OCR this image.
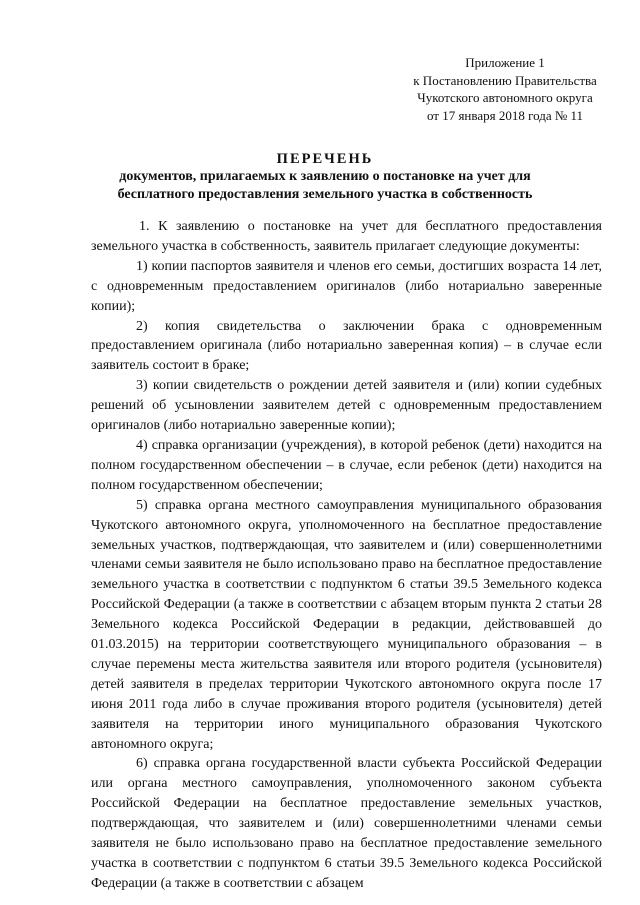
Приложение 1
к Постановлению Правительства
Чукотского автономного округа
от 17 января 2018 года № 11
ПЕРЕЧЕНЬ
документов, прилагаемых к заявлению о постановке на учет для
бесплатного предоставления земельного участка в собственность

1. К заявлению о постановке на учет для бесплатного предоставления земельного участка в собственность, заявитель прилагает следующие документы:

1) копии паспортов заявителя и членов его семьи, достигших возраста 14 лет, с одновременным предоставлением оригиналов (либо нотариально заверенные копии);

2) копия свидетельства о заключении брака с одновременным предоставлением оригинала (либо нотариально заверенная копия) – в случае если заявитель состоит в браке;

3) копии свидетельств о рождении детей заявителя и (или) копии судебных решений об усыновлении заявителем детей с одновременным предоставлением оригиналов (либо нотариально заверенные копии);

4) справка организации (учреждения), в которой ребенок (дети) находится на полном государственном обеспечении – в случае, если ребенок (дети) находится на полном государственном обеспечении;

5) справка органа местного самоуправления муниципального образования Чукотского автономного округа, уполномоченного на бесплатное предоставление земельных участков, подтверждающая, что заявителем и (или) совершеннолетними членами семьи заявителя не было использовано право на бесплатное предоставление земельного участка в соответствии с подпунктом 6 статьи 39.5 Земельного кодекса Российской Федерации (а также в соответствии с абзацем вторым пункта 2 статьи 28 Земельного кодекса Российской Федерации в редакции, действовавшей до 01.03.2015) на территории соответствующего муниципального образования – в случае перемены места жительства заявителя или второго родителя (усыновителя) детей заявителя в пределах территории Чукотского автономного округа после 17 июня 2011 года либо в случае проживания второго родителя (усыновителя) детей заявителя на территории иного муниципального образования Чукотского автономного округа;

6) справка органа государственной власти субъекта Российской Федерации или органа местного самоуправления, уполномоченного законом субъекта Российской Федерации на бесплатное предоставление земельных участков, подтверждающая, что заявителем и (или) совершеннолетними членами семьи заявителя не было использовано право на бесплатное предоставление земельного участка в соответствии с подпунктом 6 статьи 39.5 Земельного кодекса Российской Федерации (а также в соответствии с абзацем
